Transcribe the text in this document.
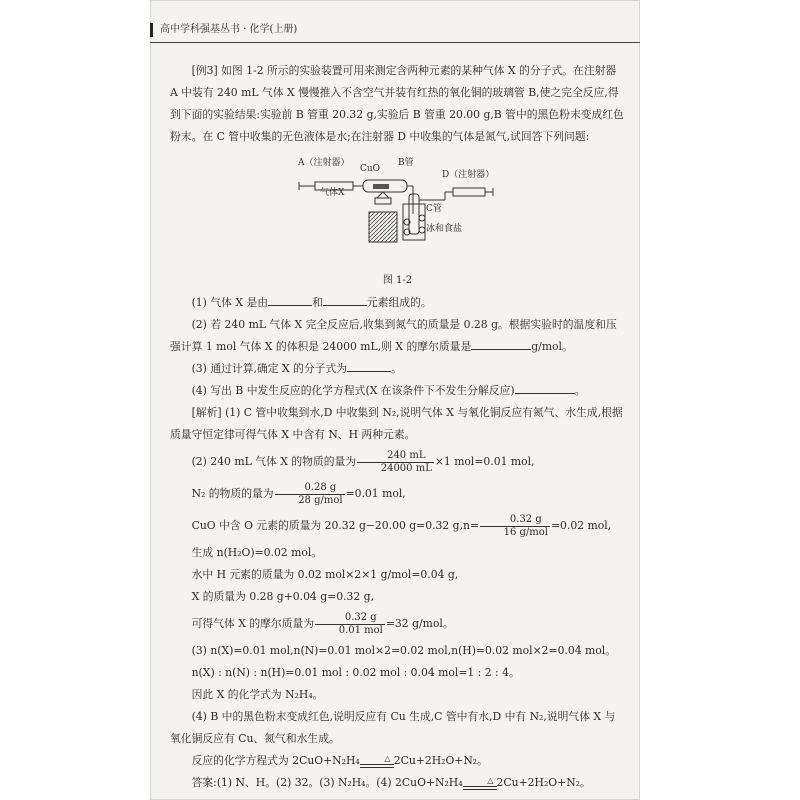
高中学科强基丛书 · 化学(上册)

[例3] 如图 1-2 所示的实验装置可用来测定含两种元素的某种气体 X 的分子式。在注射器 A 中装有 240 mL 气体 X 慢慢推入不含空气并装有红热的氧化铜的玻璃管 B,使之完全反应,得到下面的实验结果:实验前 B 管重 20.32 g,实验后 B 管重 20.00 g,B 管中的黑色粉末变成红色粉末。在 C 管中收集的无色液体是水;在注射器 D 中收集的气体是氮气,试回答下列问题:

A（注射器）
CuO
B管
D（注射器）
气体X
C管
冰和食盐

图 1-2

(1) 气体 X 是由	和	元素组成的。

(2) 若 240 mL 气体 X 完全反应后,收集到氮气的质量是 0.28 g。根据实验时的温度和压强计算 1 mol 气体 X 的体积是 24000 mL,则 X 的摩尔质量是	g/mol。

(3) 通过计算,确定 X 的分子式为	。

(4) 写出 B 中发生反应的化学方程式(X 在该条件下不发生分解反应)	。

[解析] (1) C 管中收集到水,D 中收集到 N₂,说明气体 X 与氧化铜反应有氮气、水生成,根据质量守恒定律可得气体 X 中含有 N、H 两种元素。

(2) 240 mL 气体 X 的物质的量为 $\frac{240 mL}{24000 mL} \times 1$ mol=0.01 mol,

N₂ 的物质的量为 $\frac{0.28 g}{\text{28 g/mol}} =0.01$ mol,

CuO 中含 O 元素的质量为 20.32 g−20.00 g=0.32 $g,n= \frac{0.32 g}{\text{16 g/mol}} =0.02$ mol,

生成 n(H₂O)=0.02 mol。

水中 H 元素的质量为 0.02 mol×2×1 g/mol=0.04 g,

X 的质量为 0.28 g+0.04 g=0.32 g,

可得气体 X 的摩尔质量为 $\frac{0.32 g}{\text{0.01 mol}} =32$ g/mol。

(3) n(X)=0.01 mol,n(N)=0.01 mol×2=0.02 mol,n(H)=0.02 mol×2=0.04 mol。

n(X) : n(N) : n(H)=0.01 mol : 0.02 mol : 0.04 mol=1 : 2 : 4。

因此 X 的化学式为 N₂H₄。

(4) B 中的黑色粉末变成红色,说明反应有 Cu 生成,C 管中有水,D 中有 N₂,说明气体 X 与氧化铜反应有 Cu、氮气和水生成。

反应的化学方程式为 2CuO+N₂H₄	△ 2Cu+2H₂O+N₂。

答案:(1) N、H。(2) 32。(3) N₂H₄。(4) 2CuO+N₂H₄	△ 2Cu+2H₂O+N₂。
